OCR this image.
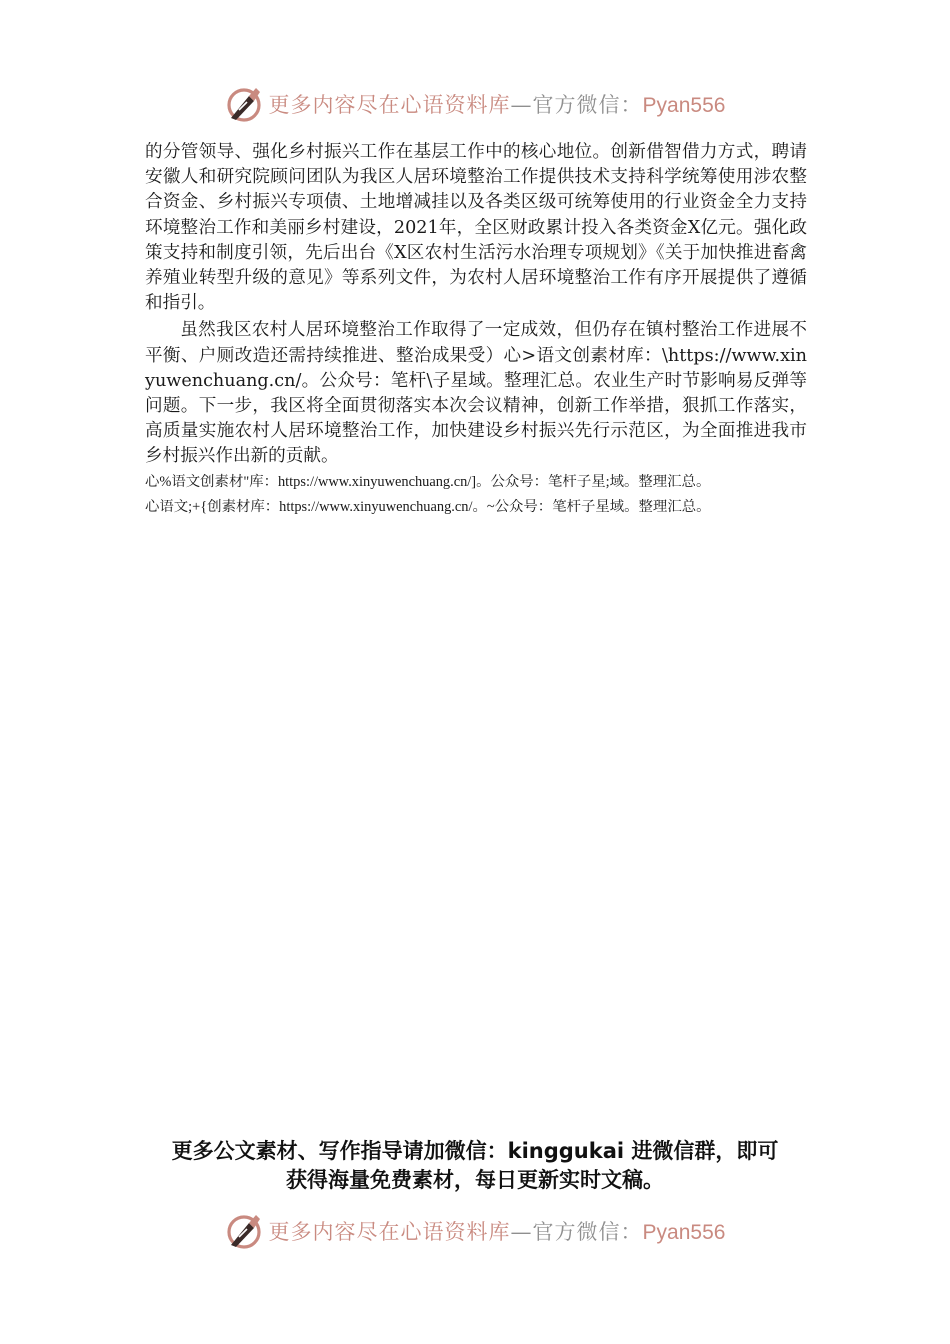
更多内容尽在心语资料库—官方微信：Pyan556

的分管领导、强化乡村振兴工作在基层工作中的核心地位。创新借智借力方式，聘请安徽人和研究院顾问团队为我区人居环境整治工作提供技术支持科学统筹使用涉农整合资金、乡村振兴专项债、土地增减挂以及各类区级可统筹使用的行业资金全力支持环境整治工作和美丽乡村建设，2021年，全区财政累计投入各类资金X亿元。强化政策支持和制度引领，先后出台《X区农村生活污水治理专项规划》《关于加快推进畜禽养殖业转型升级的意见》等系列文件，为农村人居环境整治工作有序开展提供了遵循和指引。

虽然我区农村人居环境整治工作取得了一定成效，但仍存在镇村整治工作进展不平衡、户厕改造还需持续推进、整治成果受）心>语文创素材库：\https://www.xinyuwenchuang.cn/。公众号：笔杆\子星域。整理汇总。农业生产时节影响易反弹等问题。下一步，我区将全面贯彻落实本次会议精神，创新工作举措，狠抓工作落实，高质量实施农村人居环境整治工作，加快建设乡村振兴先行示范区，为全面推进我市乡村振兴作出新的贡献。

心%语文创素材"库：https://www.xinyuwenchuang.cn/]。公众号：笔杆子星;域。整理汇总。

心语文;+{创素材库：https://www.xinyuwenchuang.cn/。~公众号：笔杆子星域。整理汇总。

更多公文素材、写作指导请加微信：kinggukai 进微信群，即可
获得海量免费素材，每日更新实时文稿。
更多内容尽在心语资料库—官方微信：Pyan556
